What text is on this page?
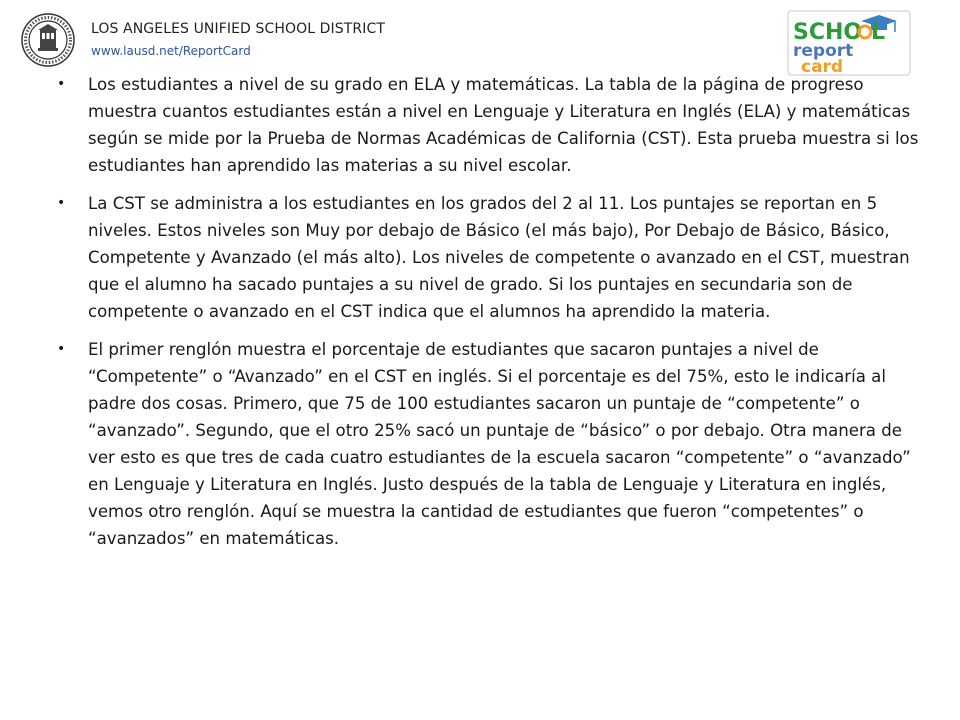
LOS ANGELES UNIFIED SCHOOL DISTRICT
www.lausd.net/ReportCard
SCHO L
report
card
•	Los estudiantes a nivel de su grado en ELA y matemáticas. La tabla de la página de progreso muestra cuantos estudiantes están a nivel en Lenguaje y Literatura en Inglés (ELA) y matemáticas según se mide por la Prueba de Normas Académicas de California (CST). Esta prueba muestra si los estudiantes han aprendido las materias a su nivel escolar.
•	La CST se administra a los estudiantes en los grados del 2 al 11. Los puntajes se reportan en 5 niveles. Estos niveles son Muy por debajo de Básico (el más bajo), Por Debajo de Básico, Básico, Competente y Avanzado (el más alto). Los niveles de competente o avanzado en el CST, muestran que el alumno ha sacado puntajes a su nivel de grado. Si los puntajes en secundaria son de competente o avanzado en el CST indica que el alumnos ha aprendido la materia.
•	El primer renglón muestra el porcentaje de estudiantes que sacaron puntajes a nivel de “Competente” o “Avanzado” en el CST en inglés. Si el porcentaje es del 75%, esto le indicaría al padre dos cosas. Primero, que 75 de 100 estudiantes sacaron un puntaje de “competente” o “avanzado”. Segundo, que el otro 25% sacó un puntaje de “básico” o por debajo. Otra manera de ver esto es que tres de cada cuatro estudiantes de la escuela sacaron “competente” o “avanzado” en Lenguaje y Literatura en Inglés. Justo después de la tabla de Lenguaje y Literatura en inglés, vemos otro renglón. Aquí se muestra la cantidad de estudiantes que fueron “competentes” o “avanzados” en matemáticas.
